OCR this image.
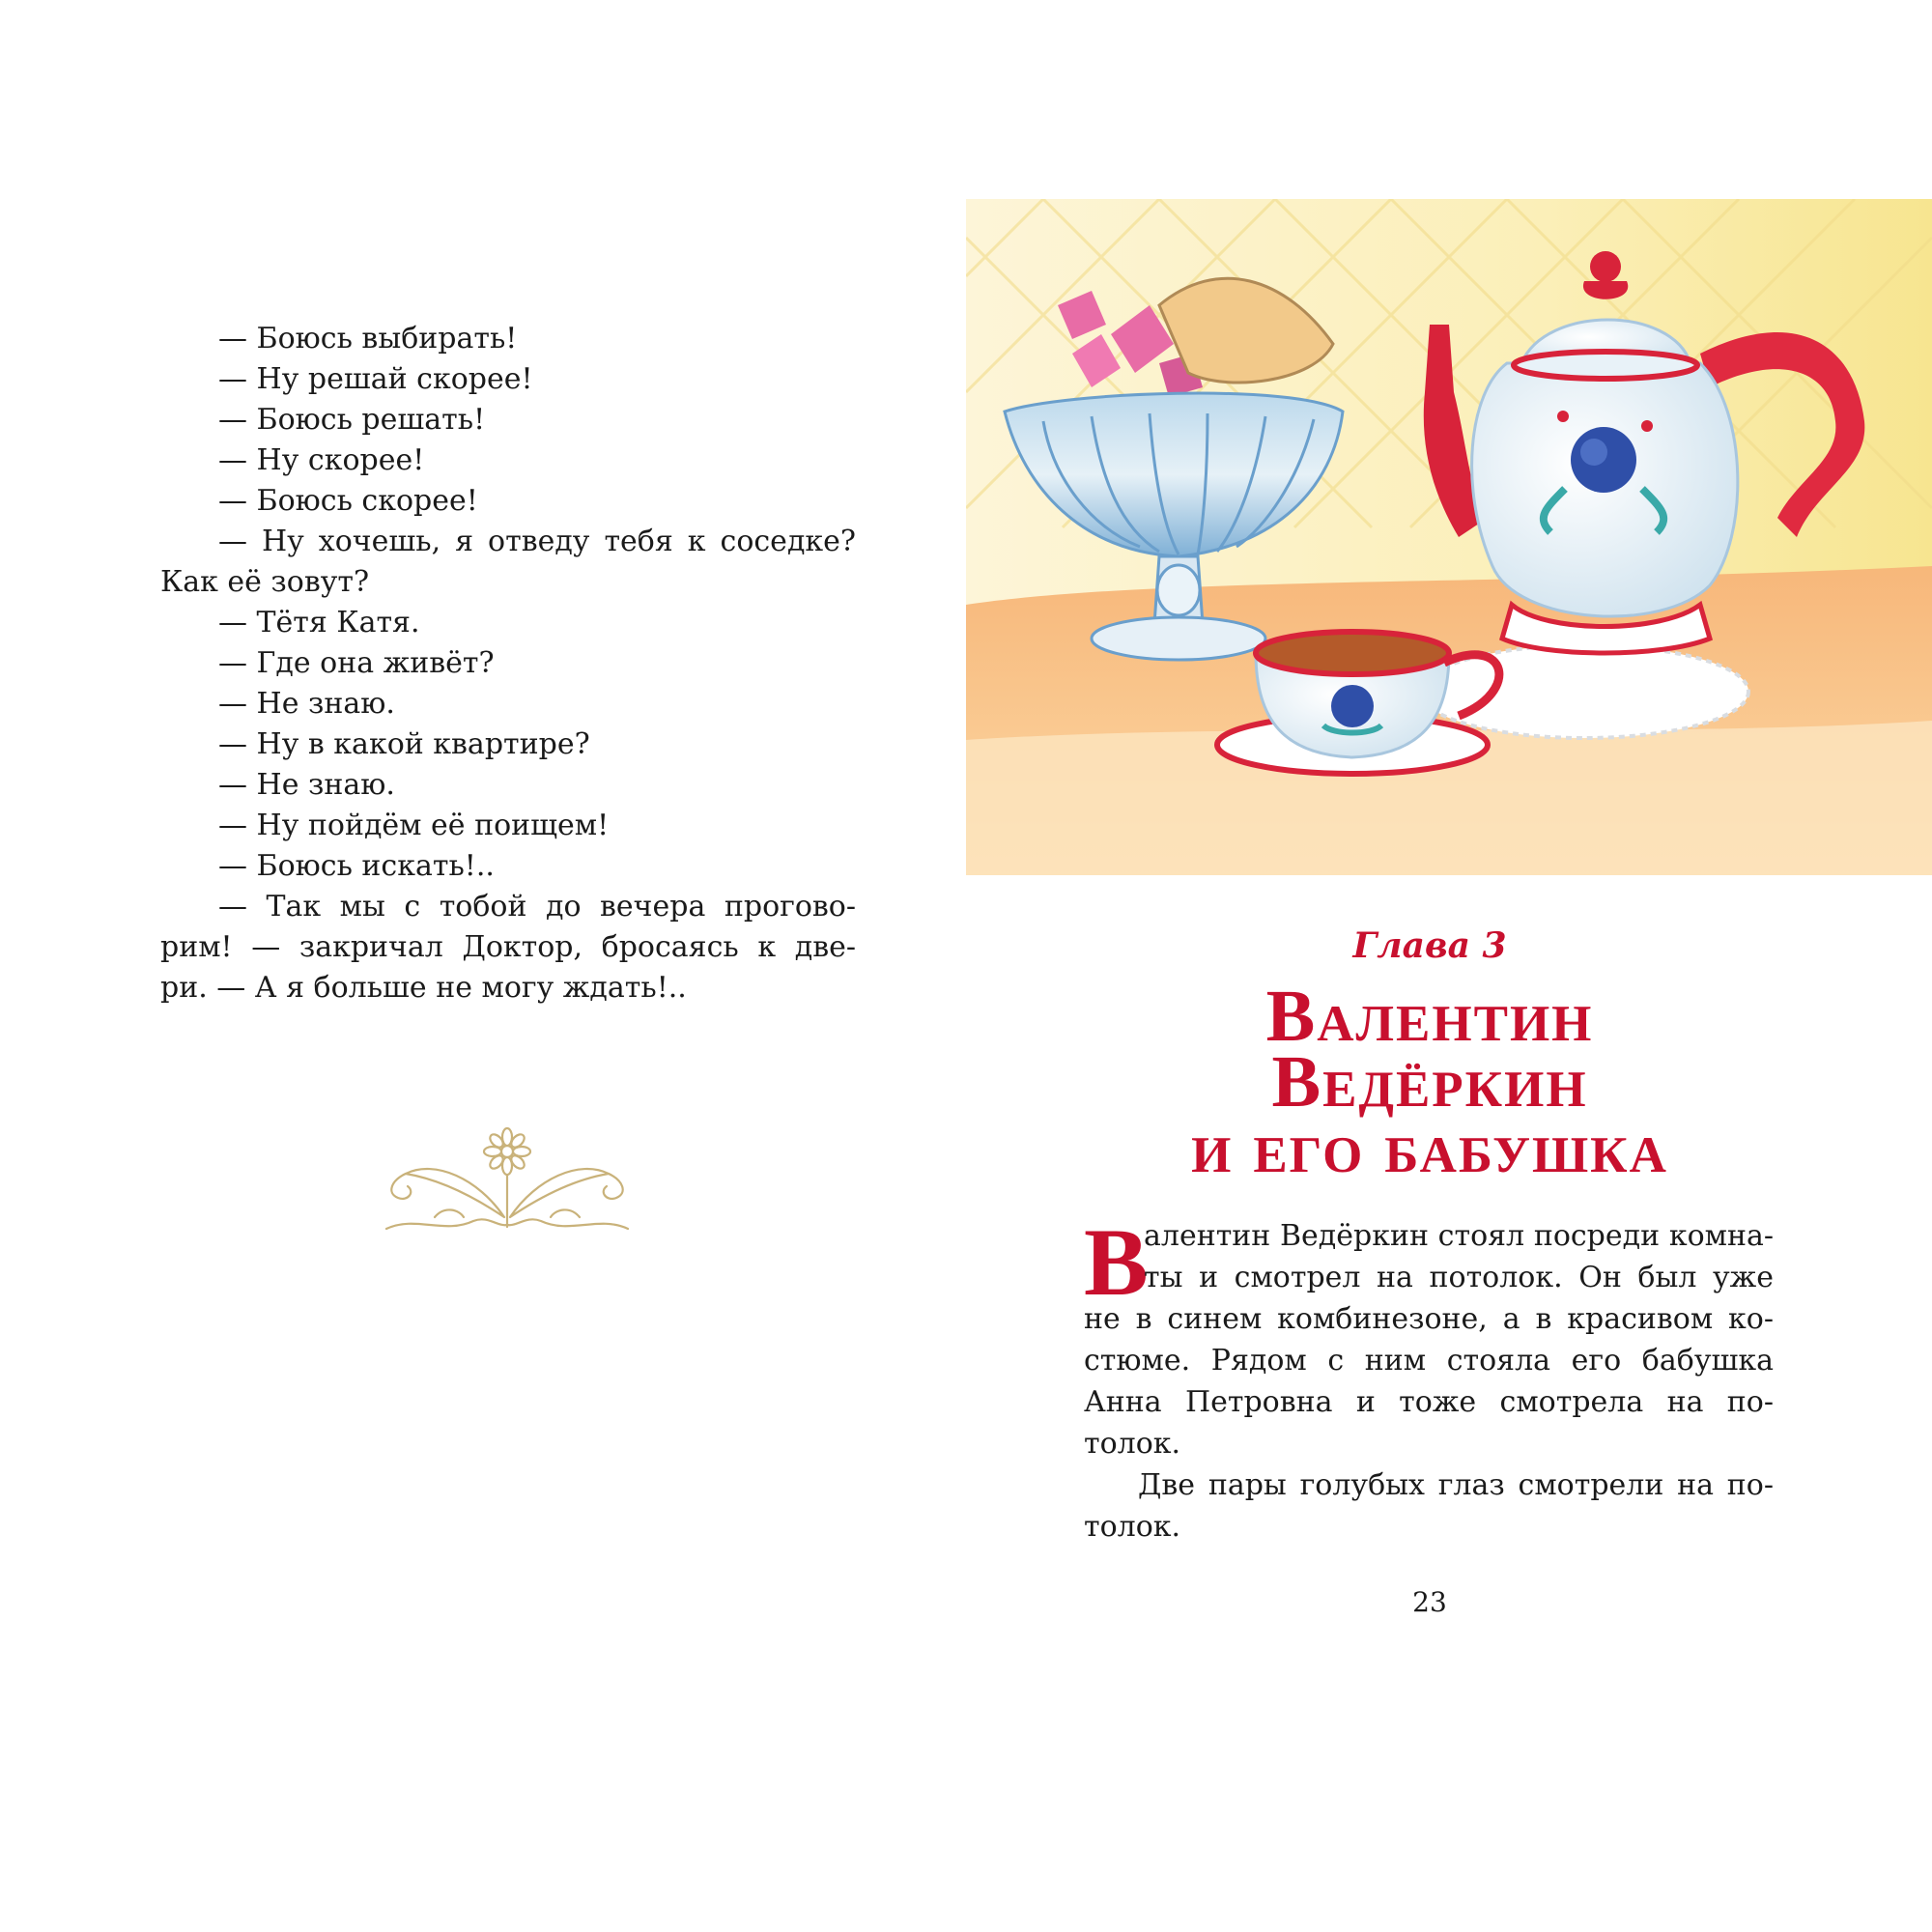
— Боюсь выбирать!
— Ну решай скорее!
— Боюсь решать!
— Ну скорее!
— Боюсь скорее!
— Ну хочешь, я отведу тебя к соседке?
Как её зовут?
— Тётя Катя.
— Где она живёт?
— Не знаю.
— Ну в какой квартире?
— Не знаю.
— Ну пойдём её поищем!
— Боюсь искать!..
— Так мы с тобой до вечера прогово-
рим! — закричал Доктор, бросаясь к две-
ри. — А я больше не могу ждать!..
Глава 3
Валентин
Ведёркин
и его бабушка
В
алентин Ведёркин стоял посреди комна-
ты и смотрел на потолок. Он был уже
не в синем комбинезоне, а в красивом ко-
стюме. Рядом с ним стояла его бабушка
Анна Петровна и тоже смотрела на по-
толок.
Две пары голубых глаз смотрели на по-
толок.
23
